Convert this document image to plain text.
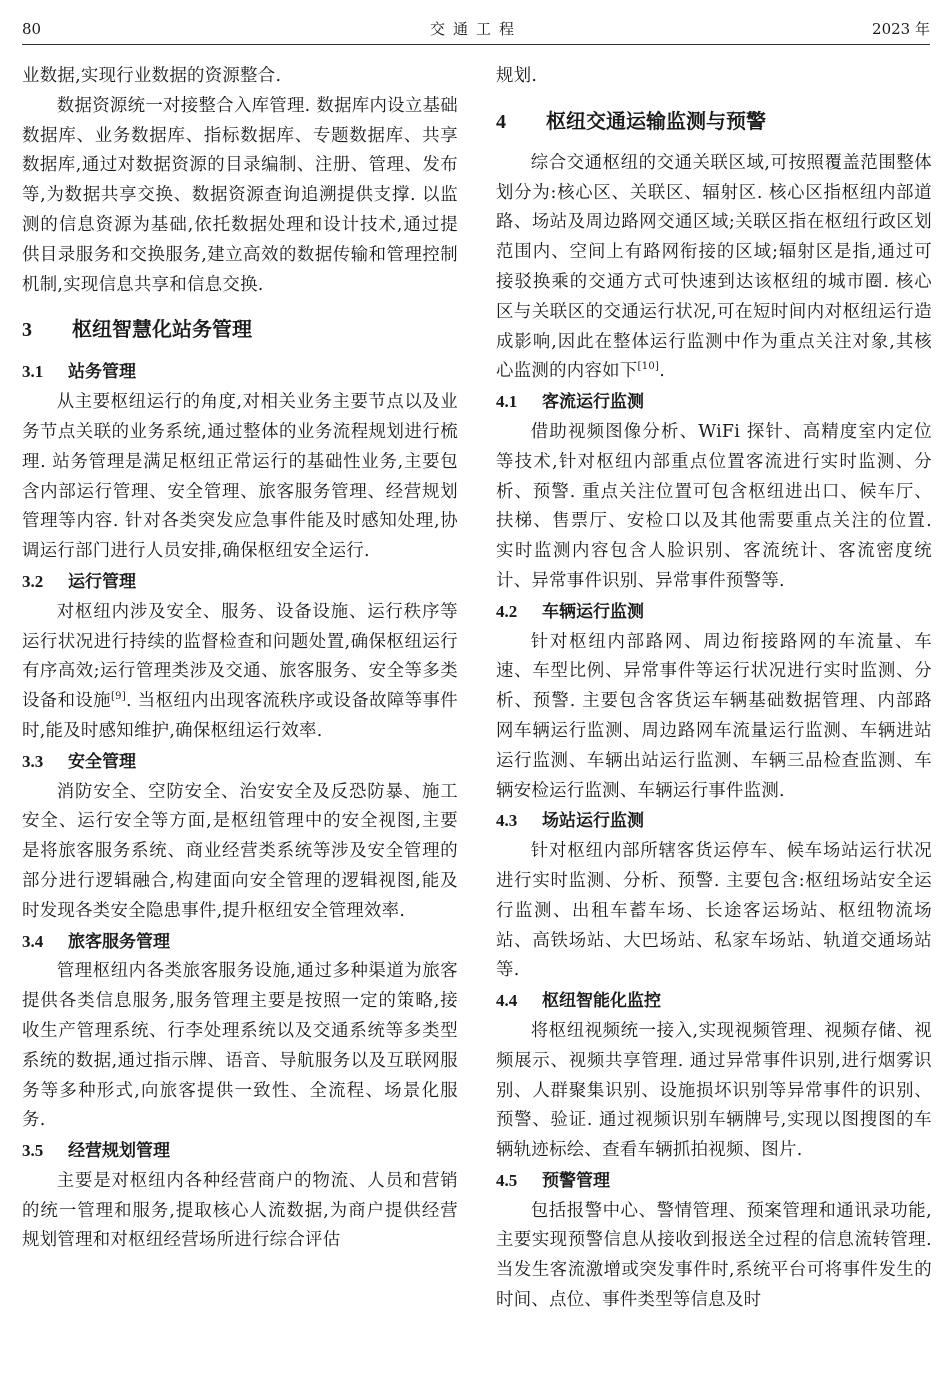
80	交通工程	2023 年

业数据,实现行业数据的资源整合.

数据资源统一对接整合入库管理. 数据库内设立基础数据库、业务数据库、指标数据库、专题数据库、共享数据库,通过对数据资源的目录编制、注册、管理、发布等,为数据共享交换、数据资源查询追溯提供支撑. 以监测的信息资源为基础,依托数据处理和设计技术,通过提供目录服务和交换服务,建立高效的数据传输和管理控制机制,实现信息共享和信息交换.

3 枢纽智慧化站务管理
3.1 站务管理

从主要枢纽运行的角度,对相关业务主要节点以及业务节点关联的业务系统,通过整体的业务流程规划进行梳理. 站务管理是满足枢纽正常运行的基础性业务,主要包含内部运行管理、安全管理、旅客服务管理、经营规划管理等内容. 针对各类突发应急事件能及时感知处理,协调运行部门进行人员安排,确保枢纽安全运行.

3.2 运行管理

对枢纽内涉及安全、服务、设备设施、运行秩序等运行状况进行持续的监督检查和问题处置,确保枢纽运行有序高效;运行管理类涉及交通、旅客服务、安全等多类设备和设施[9]. 当枢纽内出现客流秩序或设备故障等事件时,能及时感知维护,确保枢纽运行效率.

3.3 安全管理

消防安全、空防安全、治安安全及反恐防暴、施工安全、运行安全等方面,是枢纽管理中的安全视图,主要是将旅客服务系统、商业经营类系统等涉及安全管理的部分进行逻辑融合,构建面向安全管理的逻辑视图,能及时发现各类安全隐患事件,提升枢纽安全管理效率.

3.4 旅客服务管理

管理枢纽内各类旅客服务设施,通过多种渠道为旅客提供各类信息服务,服务管理主要是按照一定的策略,接收生产管理系统、行李处理系统以及交通系统等多类型系统的数据,通过指示牌、语音、导航服务以及互联网服务等多种形式,向旅客提供一致性、全流程、场景化服务.

3.5 经营规划管理

主要是对枢纽内各种经营商户的物流、人员和营销的统一管理和服务,提取核心人流数据,为商户提供经营规划管理和对枢纽经营场所进行综合评估

规划.

4 枢纽交通运输监测与预警

综合交通枢纽的交通关联区域,可按照覆盖范围整体划分为:核心区、关联区、辐射区. 核心区指枢纽内部道路、场站及周边路网交通区域;关联区指在枢纽行政区划范围内、空间上有路网衔接的区域;辐射区是指,通过可接驳换乘的交通方式可快速到达该枢纽的城市圈. 核心区与关联区的交通运行状况,可在短时间内对枢纽运行造成影响,因此在整体运行监测中作为重点关注对象,其核心监测的内容如下[10].

4.1 客流运行监测

借助视频图像分析、WiFi 探针、高精度室内定位等技术,针对枢纽内部重点位置客流进行实时监测、分析、预警. 重点关注位置可包含枢纽进出口、候车厅、扶梯、售票厅、安检口以及其他需要重点关注的位置. 实时监测内容包含人脸识别、客流统计、客流密度统计、异常事件识别、异常事件预警等.

4.2 车辆运行监测

针对枢纽内部路网、周边衔接路网的车流量、车速、车型比例、异常事件等运行状况进行实时监测、分析、预警. 主要包含客货运车辆基础数据管理、内部路网车辆运行监测、周边路网车流量运行监测、车辆进站运行监测、车辆出站运行监测、车辆三品检查监测、车辆安检运行监测、车辆运行事件监测.

4.3 场站运行监测

针对枢纽内部所辖客货运停车、候车场站运行状况进行实时监测、分析、预警. 主要包含:枢纽场站安全运行监测、出租车蓄车场、长途客运场站、枢纽物流场站、高铁场站、大巴场站、私家车场站、轨道交通场站等.

4.4 枢纽智能化监控

将枢纽视频统一接入,实现视频管理、视频存储、视频展示、视频共享管理. 通过异常事件识别,进行烟雾识别、人群聚集识别、设施损坏识别等异常事件的识别、预警、验证. 通过视频识别车辆牌号,实现以图搜图的车辆轨迹标绘、查看车辆抓拍视频、图片.

4.5 预警管理

包括报警中心、警情管理、预案管理和通讯录功能,主要实现预警信息从接收到报送全过程的信息流转管理. 当发生客流激增或突发事件时,系统平台可将事件发生的时间、点位、事件类型等信息及时
